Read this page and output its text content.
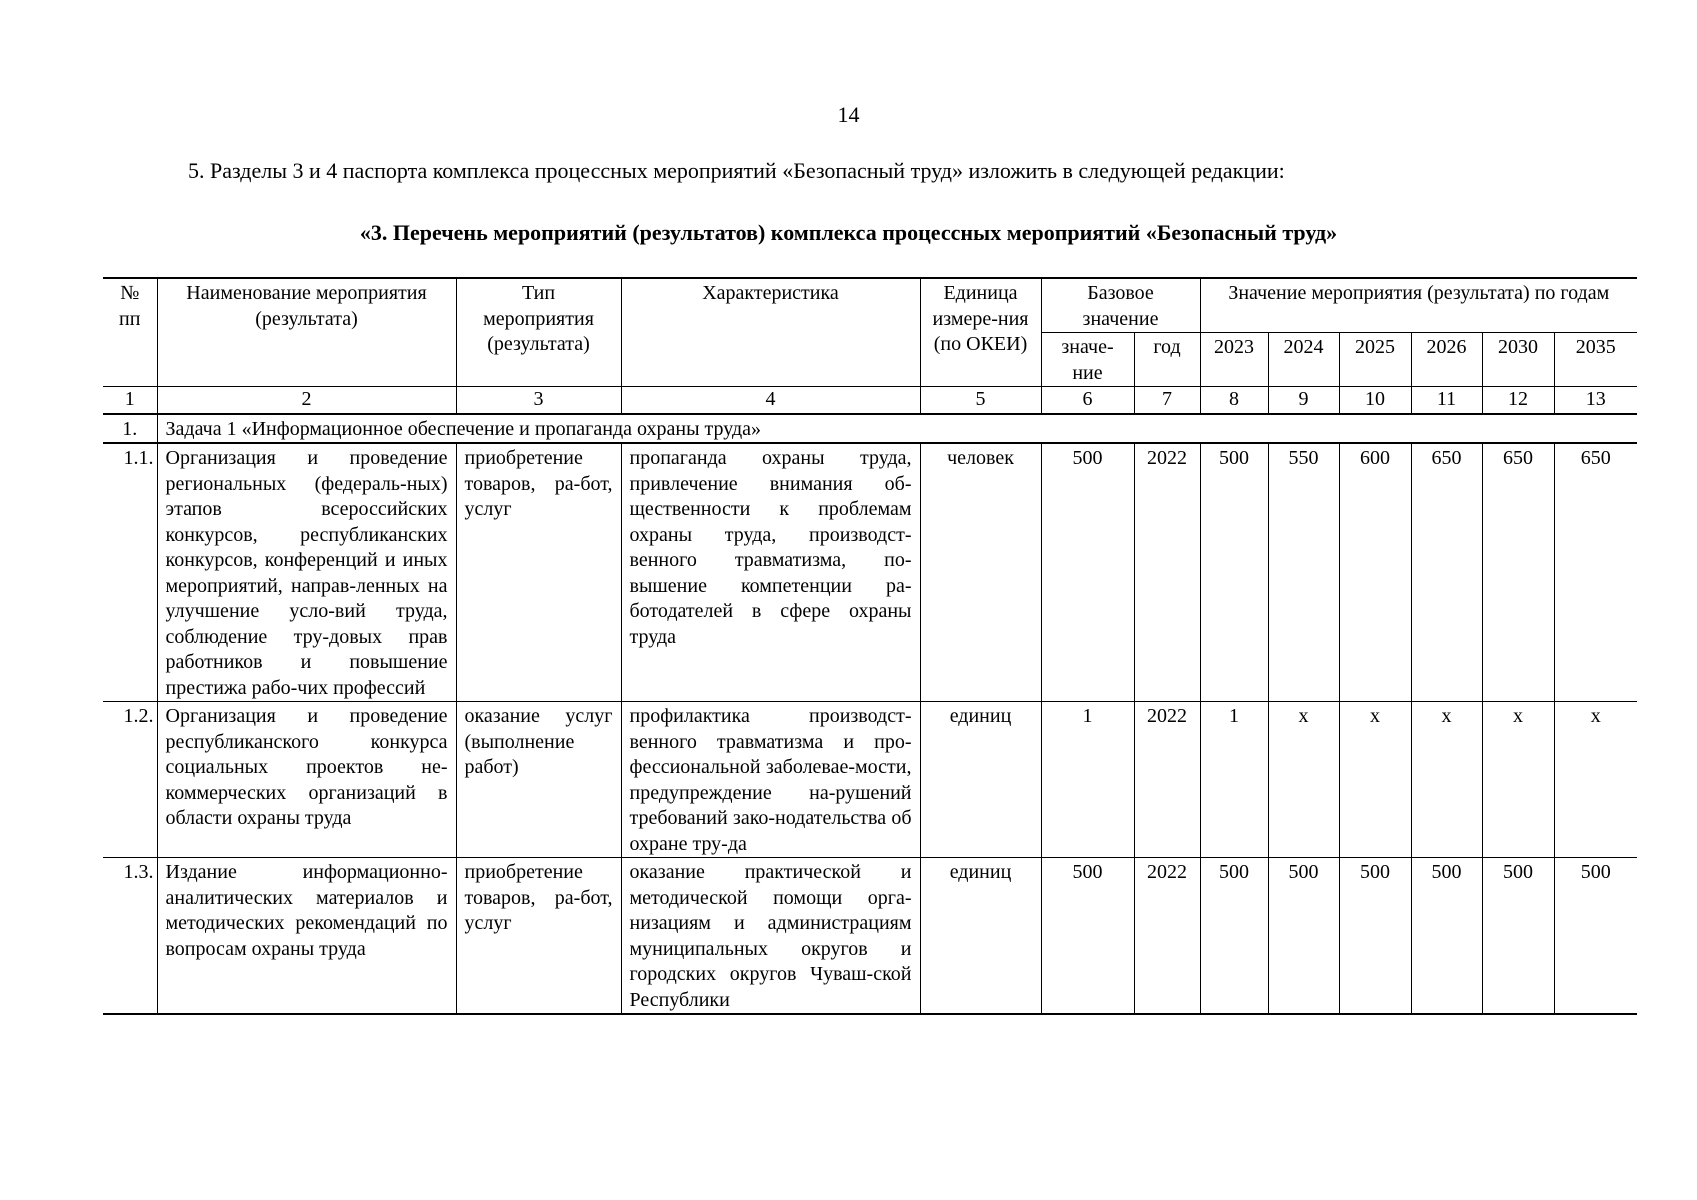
14
5. Разделы 3 и 4 паспорта комплекса процессных мероприятий «Безопасный труд» изложить в следующей редакции:
«3. Перечень мероприятий (результатов) комплекса процессных мероприятий «Безопасный труд»
№ пп	Наименование мероприятия (результата)	Тип мероприятия (результата)	Характеристика	Единица измере-ния (по ОКЕИ)	Базовое значение		Значение мероприятия (результата) по годам					
					значе-ние	год	2023	2024	2025	2026	2030	2035
1	2	3	4	5	6	7	8	9	10	11	12	13
1.	Задача 1 «Информационное обеспечение и пропаганда охраны труда»											
1.1.	Организация и проведение региональных (федераль-ных) этапов всероссийских конкурсов, республиканских конкурсов, конференций и иных мероприятий, направ-ленных на улучшение усло-вий труда, соблюдение тру-довых прав работников и повышение престижа рабо-чих профессий	приобретение товаров, ра-бот, услуг	пропаганда охраны труда, привлечение внимания об-щественности к проблемам охраны труда, производст-венного травматизма, по-вышение компетенции ра-ботодателей в сфере охраны труда	человек	500	2022	500	550	600	650	650	650
1.2.	Организация и проведение республиканского конкурса социальных проектов не-коммерческих организаций в области охраны труда	оказание услуг (выполнение работ)	профилактика производст-венного травматизма и про-фессиональной заболевае-мости, предупреждение на-рушений требований зако-нодательства об охране тру-да	единиц	1	2022	1	x	x	x	x	x
1.3.	Издание информационно-аналитических материалов и методических рекомендаций по вопросам охраны труда	приобретение товаров, ра-бот, услуг	оказание практической и методической помощи орга-низациям и администрациям муниципальных округов и городских округов Чуваш-ской Республики	единиц	500	2022	500	500	500	500	500	500
